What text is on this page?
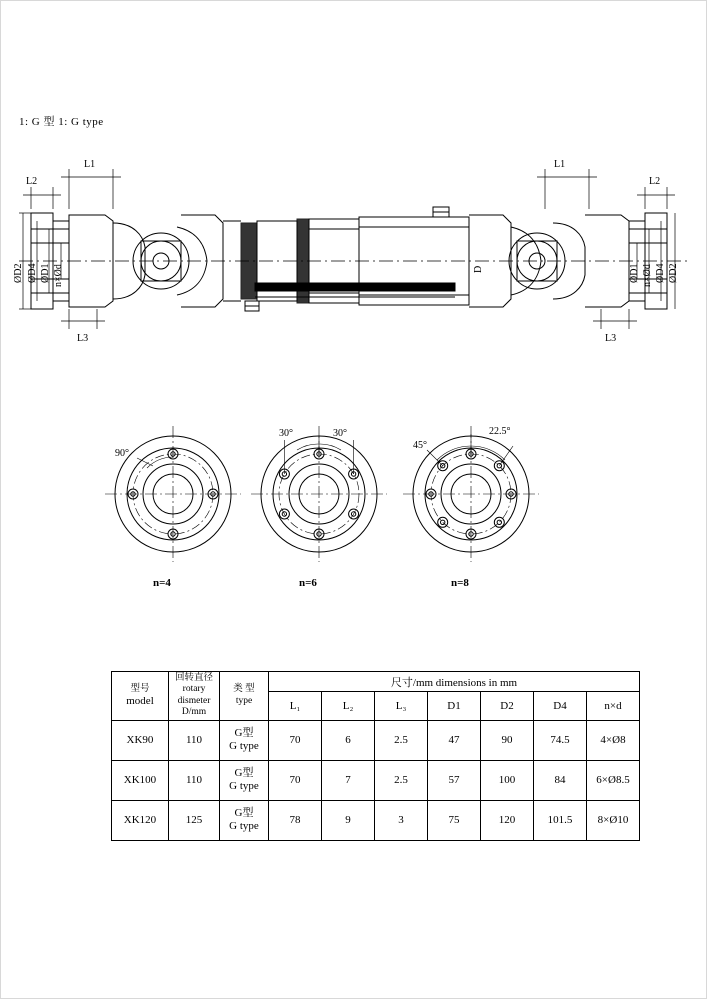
1: G 型 1: G type
L2
L1
L3
L1
L2
L3
ØD2 ØD4 ØD1 n×Ød	D	ØD1 n×Ød ØD4 ØD2
90°
30°	30°
45°
22.5°
n=4	n=6	n=8
型号
model

回转直径
rotary
dismeter
D/mm

类 型
type
	尺寸/mm dimensions in mm
			L₁	L₂	L₃	D1	D2	D4	n×d
XK90	110	G型
G type	70	6	2.5	47	90	74.5	4×Ø8
XK100	110	G型
G type	70	7	2.5	57	100	84	6×Ø8.5
XK120	125	G型
G type	78	9	3	75	120	101.5	8×Ø10
